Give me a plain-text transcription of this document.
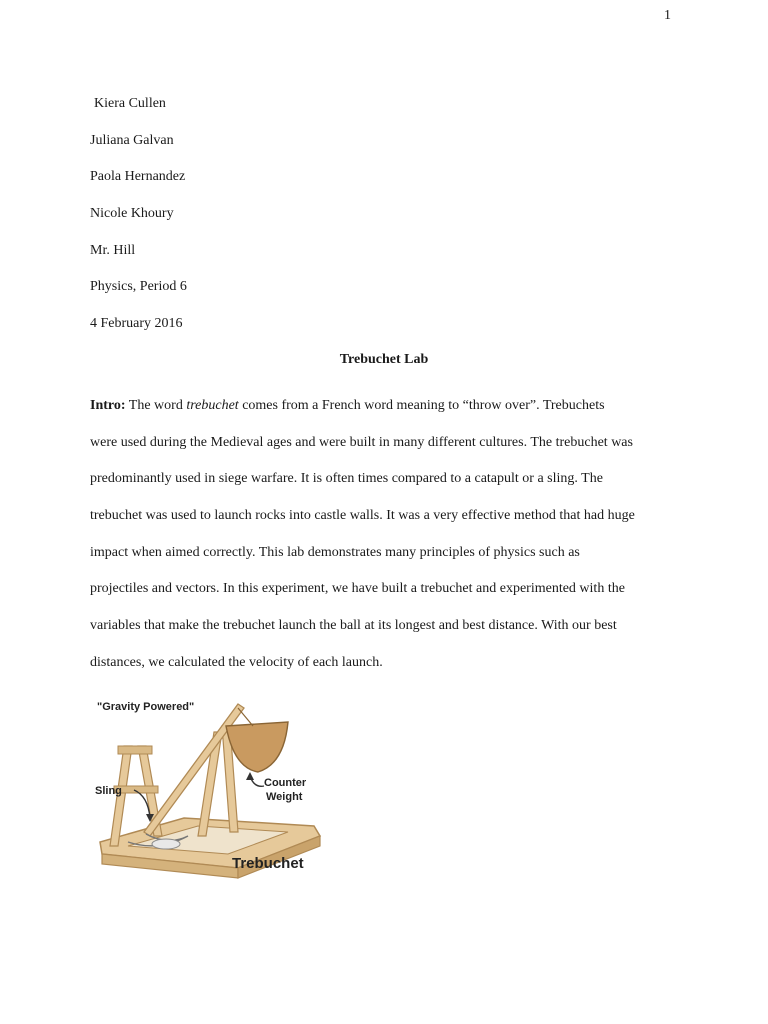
1
Kiera Cullen
Juliana Galvan
Paola Hernandez
Nicole Khoury
Mr. Hill
Physics, Period 6
4 February 2016
Trebuchet Lab
Intro: The word trebuchet comes from a French word meaning to “throw over”. Trebuchets
were used during the Medieval ages and were built in many different cultures. The trebuchet was
predominantly used in siege warfare. It is often times compared to a catapult or a sling. The
trebuchet was used to launch rocks into castle walls. It was a very effective method that had huge
impact when aimed correctly. This lab demonstrates many principles of physics such as
projectiles and vectors. In this experiment, we have built a trebuchet and experimented with the
variables that make the trebuchet launch the ball at its longest and best distance. With our best
distances, we calculated the velocity of each launch.
"Gravity Powered"
Sling
Counter
Weight
Trebuchet
